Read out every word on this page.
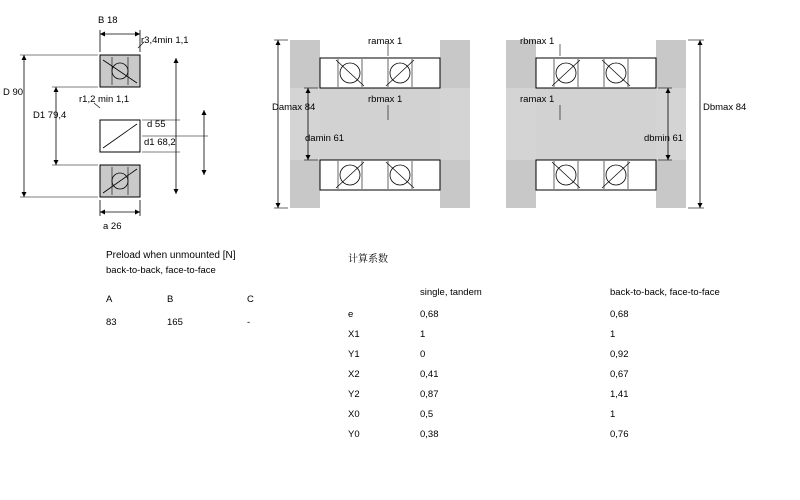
B 18
r3,4min 1,1
D 90
r1,2 min 1,1
D1 79,4
d 55
d1 68,2
a 26
ramax 1	rbmax 1
rbmax 1	ramax 1
Damax 84
damin 61
Dbmax 84
dbmin 61
Preload when unmounted [N]
back-to-back, face-to-face
A	B	C
83	165	-
计算系数
	single, tandem	back-to-back, face-to-face
e	0,68	0,68
X1	1	1
Y1	0	0,92
X2	0,41	0,67
Y2	0,87	1,41
X0	0,5	1
Y0	0,38	0,76
